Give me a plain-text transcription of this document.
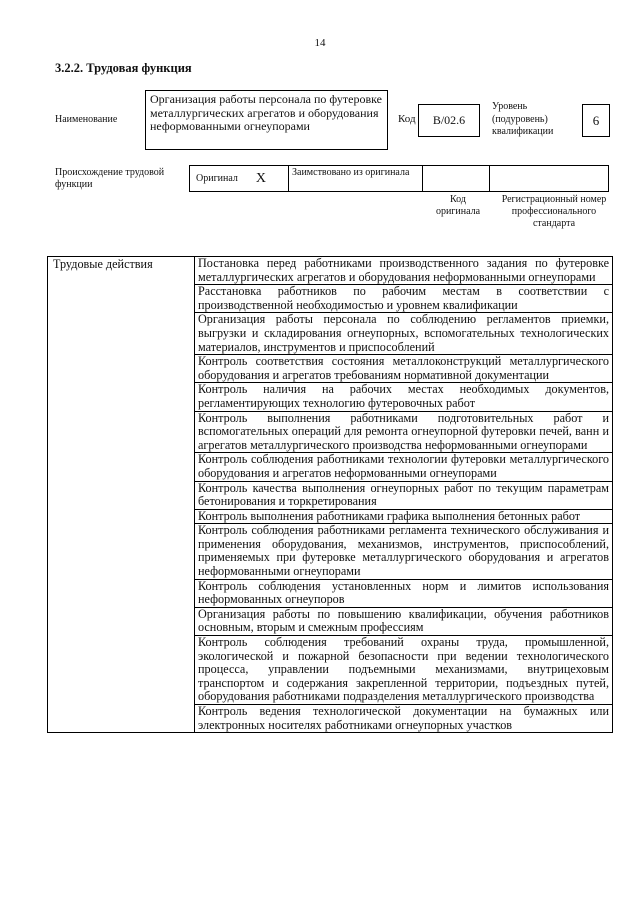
14
3.2.2. Трудовая функция
Наименование
Организация работы персонала по футеровке металлургических агрегатов и оборудования неформованными огнеупорами	Код	B/02.6
Уровень (подуровень) квалификации
6
Происхождение трудовой функции
Оригинал X	Заимствовано из оригинала
Код оригинала
Регистрационный номер профессионального стандарта
Трудовые действия	Постановка перед работниками производственного задания по футеровке металлургических агрегатов и оборудования неформованными огнеупорами
Расстановка работников по рабочим местам в соответствии с производственной необходимостью и уровнем квалификации
Организация работы персонала по соблюдению регламентов приемки, выгрузки и складирования огнеупорных, вспомогательных технологических материалов, инструментов и приспособлений
Контроль соответствия состояния металлоконструкций металлургического оборудования и агрегатов требованиям нормативной документации
Контроль наличия на рабочих местах необходимых документов, регламентирующих технологию футеровочных работ
Контроль выполнения работниками подготовительных работ и вспомогательных операций для ремонта огнеупорной футеровки печей, ванн и агрегатов металлургического производства неформованными огнеупорами
Контроль соблюдения работниками технологии футеровки металлургического оборудования и агрегатов неформованными огнеупорами
Контроль качества выполнения огнеупорных работ по текущим параметрам бетонирования и торкретирования
Контроль выполнения работниками графика выполнения бетонных работ
Контроль соблюдения работниками регламента технического обслуживания и применения оборудования, механизмов, инструментов, приспособлений, применяемых при футеровке металлургического оборудования и агрегатов неформованными огнеупорами
Контроль соблюдения установленных норм и лимитов использования неформованных огнеупоров
Организация работы по повышению квалификации, обучения работников основным, вторым и смежным профессиям
Контроль соблюдения требований охраны труда, промышленной, экологической и пожарной безопасности при ведении технологического процесса, управлении подъемными механизмами, внутрицеховым транспортом и содержания закрепленной территории, подъездных путей, оборудования работниками подразделения металлургического производства
Контроль ведения технологической документации на бумажных или электронных носителях работниками огнеупорных участков
